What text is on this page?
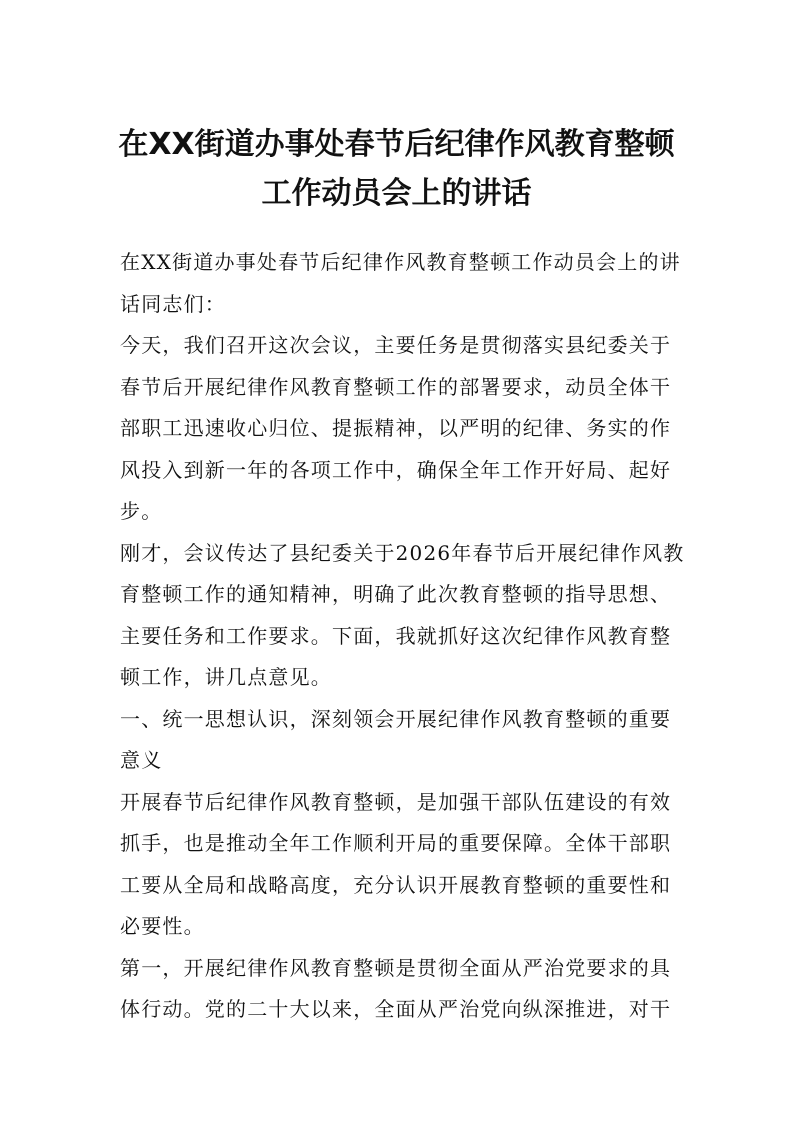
在XX街道办事处春节后纪律作风教育整顿
工作动员会上的讲话

在XX街道办事处春节后纪律作风教育整顿工作动员会上的讲话同志们：

今天，我们召开这次会议，主要任务是贯彻落实县纪委关于春节后开展纪律作风教育整顿工作的部署要求，动员全体干部职工迅速收心归位、提振精神，以严明的纪律、务实的作风投入到新一年的各项工作中，确保全年工作开好局、起好步。

刚才，会议传达了县纪委关于2026年春节后开展纪律作风教育整顿工作的通知精神，明确了此次教育整顿的指导思想、主要任务和工作要求。下面，我就抓好这次纪律作风教育整顿工作，讲几点意见。

一、统一思想认识，深刻领会开展纪律作风教育整顿的重要意义

开展春节后纪律作风教育整顿，是加强干部队伍建设的有效抓手，也是推动全年工作顺利开局的重要保障。全体干部职工要从全局和战略高度，充分认识开展教育整顿的重要性和必要性。

第一，开展纪律作风教育整顿是贯彻全面从严治党要求的具体行动。党的二十大以来，全面从严治党向纵深推进，对干
